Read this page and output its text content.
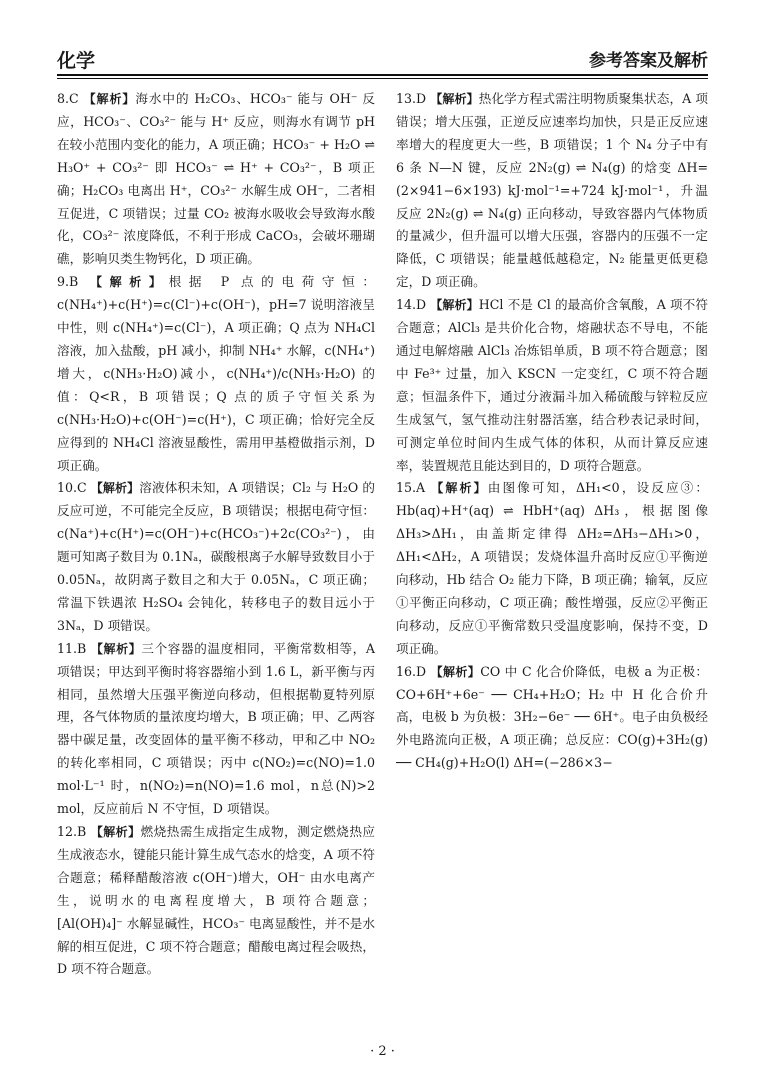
化学	参考答案及解析

8.C 【解析】海水中的 H₂CO₃、HCO₃⁻ 能与 OH⁻ 反应，HCO₃⁻、CO₃²⁻ 能与 H⁺ 反应，则海水有调节 pH 在较小范围内变化的能力，A 项正确；HCO₃⁻ + H₂O ⇌ H₃O⁺ + CO₃²⁻ 即 HCO₃⁻ ⇌ H⁺ + CO₃²⁻，B 项正确；H₂CO₃ 电离出 H⁺，CO₃²⁻ 水解生成 OH⁻，二者相互促进，C 项错误；过量 CO₂ 被海水吸收会导致海水酸化，CO₃²⁻ 浓度降低，不利于形成 CaCO₃，会破坏珊瑚礁，影响贝类生物钙化，D 项正确。

9.B 【解析】根据 P 点的电荷守恒：c(NH₄⁺)+c(H⁺)=c(Cl⁻)+c(OH⁻)，pH=7 说明溶液呈中性，则 c(NH₄⁺)=c(Cl⁻)，A 项正确；Q 点为 NH₄Cl 溶液，加入盐酸，pH 减小，抑制 NH₄⁺ 水解，c(NH₄⁺)增大，c(NH₃·H₂O)减小，c(NH₄⁺)/c(NH₃·H₂O) 的值：Q<R，B 项错误；Q 点的质子守恒关系为 c(NH₃·H₂O)+c(OH⁻)=c(H⁺)，C 项正确；恰好完全反应得到的 NH₄Cl 溶液显酸性，需用甲基橙做指示剂，D 项正确。

10.C 【解析】溶液体积未知，A 项错误；Cl₂ 与 H₂O 的反应可逆，不可能完全反应，B 项错误；根据电荷守恒：c(Na⁺)+c(H⁺)=c(OH⁻)+c(HCO₃⁻)+2c(CO₃²⁻)，由题可知离子数目为 0.1Nₐ，碳酸根离子水解导致数目小于 0.05Nₐ，故阴离子数目之和大于 0.05Nₐ，C 项正确；常温下铁遇浓 H₂SO₄ 会钝化，转移电子的数目远小于 3Nₐ，D 项错误。

11.B 【解析】三个容器的温度相同，平衡常数相等，A 项错误；甲达到平衡时将容器缩小到 1.6 L，新平衡与丙相同，虽然增大压强平衡逆向移动，但根据勒夏特列原理，各气体物质的量浓度均增大，B 项正确；甲、乙两容器中碳足量，改变固体的量平衡不移动，甲和乙中 NO₂ 的转化率相同，C 项错误；丙中 c(NO₂)=c(NO)=1.0 mol·L⁻¹ 时，n(NO₂)=n(NO)=1.6 mol，n总(N)>2 mol，反应前后 N 不守恒，D 项错误。

12.B 【解析】燃烧热需生成指定生成物，测定燃烧热应生成液态水，键能只能计算生成气态水的焓变，A 项不符合题意；稀释醋酸溶液 c(OH⁻)增大，OH⁻ 由水电离产生，说明水的电离程度增大，B 项符合题意；[Al(OH)₄]⁻ 水解显碱性，HCO₃⁻ 电离显酸性，并不是水解的相互促进，C 项不符合题意；醋酸电离过程会吸热，D 项不符合题意。

13.D 【解析】热化学方程式需注明物质聚集状态，A 项错误；增大压强，正逆反应速率均加快，只是正反应速率增大的程度更大一些，B 项错误；1 个 N₄ 分子中有 6 条 N—N 键，反应 2N₂(g) ⇌ N₄(g) 的焓变 ΔH=(2×941−6×193) kJ·mol⁻¹=+724 kJ·mol⁻¹，升温反应 2N₂(g) ⇌ N₄(g) 正向移动，导致容器内气体物质的量减少，但升温可以增大压强，容器内的压强不一定降低，C 项错误；能量越低越稳定，N₂ 能量更低更稳定，D 项正确。

14.D 【解析】HCl 不是 Cl 的最高价含氧酸，A 项不符合题意；AlCl₃ 是共价化合物，熔融状态不导电，不能通过电解熔融 AlCl₃ 冶炼铝单质，B 项不符合题意；图中 Fe³⁺ 过量，加入 KSCN 一定变红，C 项不符合题意；恒温条件下，通过分液漏斗加入稀硫酸与锌粒反应生成氢气，氢气推动注射器活塞，结合秒表记录时间，可测定单位时间内生成气体的体积，从而计算反应速率，装置规范且能达到目的，D 项符合题意。

15.A 【解析】由图像可知，ΔH₁<0，设反应③：Hb(aq)+H⁺(aq) ⇌ HbH⁺(aq) ΔH₃，根据图像 ΔH₃>ΔH₁，由盖斯定律得 ΔH₂=ΔH₃−ΔH₁>0，ΔH₁<ΔH₂，A 项错误；发烧体温升高时反应①平衡逆向移动，Hb 结合 O₂ 能力下降，B 项正确；输氧，反应①平衡正向移动，C 项正确；酸性增强，反应②平衡正向移动，反应①平衡常数只受温度影响，保持不变，D 项正确。

16.D 【解析】CO 中 C 化合价降低，电极 a 为正极：CO+6H⁺+6e⁻ ── CH₄+H₂O；H₂ 中 H 化合价升高，电极 b 为负极：3H₂−6e⁻ ── 6H⁺。电子由负极经外电路流向正极，A 项正确；总反应：CO(g)+3H₂(g) ── CH₄(g)+H₂O(l) ΔH=(−286×3−

· 2 ·
